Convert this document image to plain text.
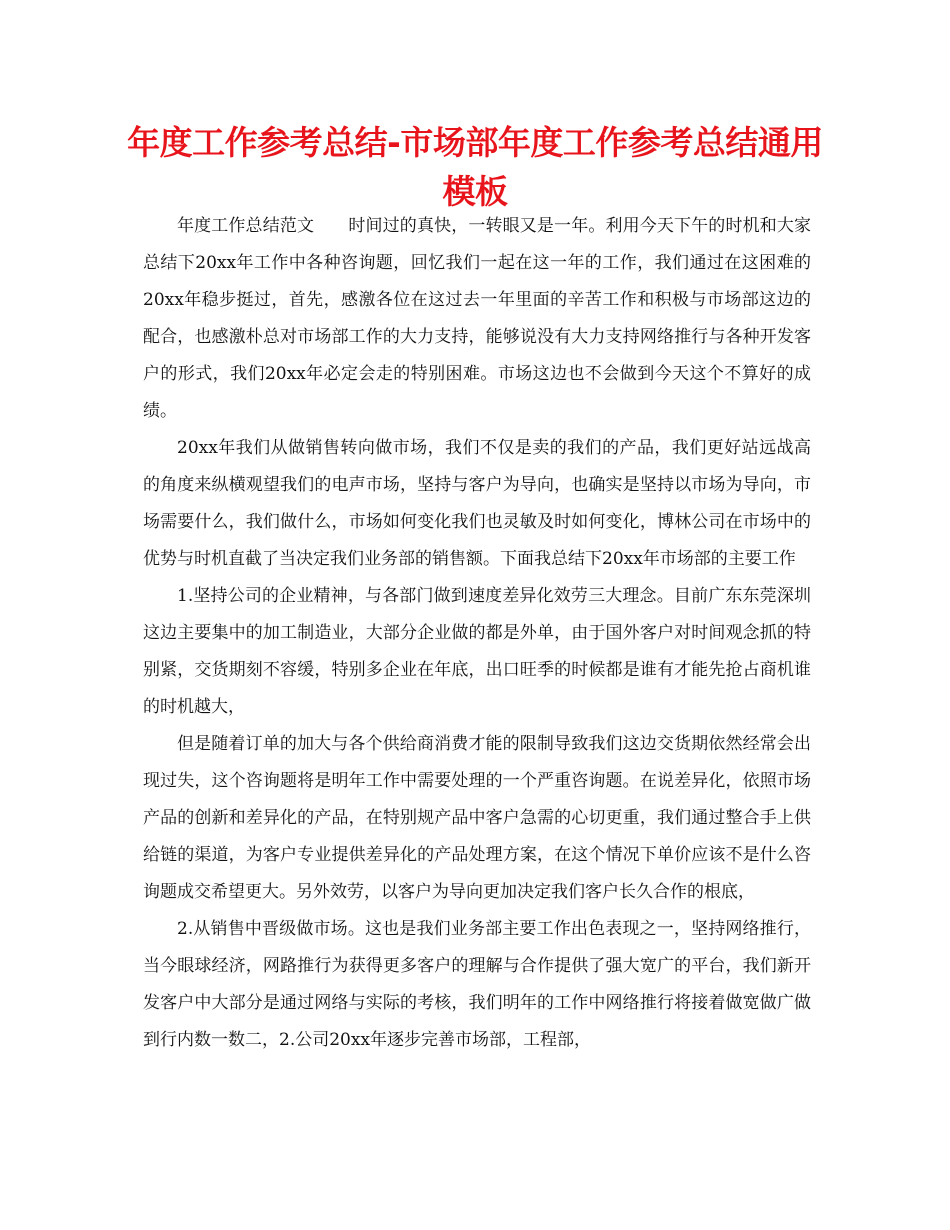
年度工作参考总结-市场部年度工作参考总结通用模板

年度工作总结范文　　时间过的真快，一转眼又是一年。利用今天下午的时机和大家总结下20xx年工作中各种咨询题，回忆我们一起在这一年的工作，我们通过在这困难的20xx年稳步挺过，首先，感激各位在这过去一年里面的辛苦工作和积极与市场部这边的配合，也感激朴总对市场部工作的大力支持，能够说没有大力支持网络推行与各种开发客户的形式，我们20xx年必定会走的特别困难。市场这边也不会做到今天这个不算好的成绩。

20xx年我们从做销售转向做市场，我们不仅是卖的我们的产品，我们更好站远战高的角度来纵横观望我们的电声市场，坚持与客户为导向，也确实是坚持以市场为导向，市场需要什么，我们做什么，市场如何变化我们也灵敏及时如何变化，博林公司在市场中的优势与时机直截了当决定我们业务部的销售额。下面我总结下20xx年市场部的主要工作

1.坚持公司的企业精神，与各部门做到速度差异化效劳三大理念。目前广东东莞深圳这边主要集中的加工制造业，大部分企业做的都是外单，由于国外客户对时间观念抓的特别紧，交货期刻不容缓，特别多企业在年底，出口旺季的时候都是谁有才能先抢占商机谁的时机越大，

但是随着订单的加大与各个供给商消费才能的限制导致我们这边交货期依然经常会出现过失，这个咨询题将是明年工作中需要处理的一个严重咨询题。在说差异化，依照市场产品的创新和差异化的产品，在特别规产品中客户急需的心切更重，我们通过整合手上供给链的渠道，为客户专业提供差异化的产品处理方案，在这个情况下单价应该不是什么咨询题成交希望更大。另外效劳，以客户为导向更加决定我们客户长久合作的根底，

2.从销售中晋级做市场。这也是我们业务部主要工作出色表现之一，坚持网络推行，当今眼球经济，网路推行为获得更多客户的理解与合作提供了强大宽广的平台，我们新开发客户中大部分是通过网络与实际的考核，我们明年的工作中网络推行将接着做宽做广做到行内数一数二，2.公司20xx年逐步完善市场部，工程部，
